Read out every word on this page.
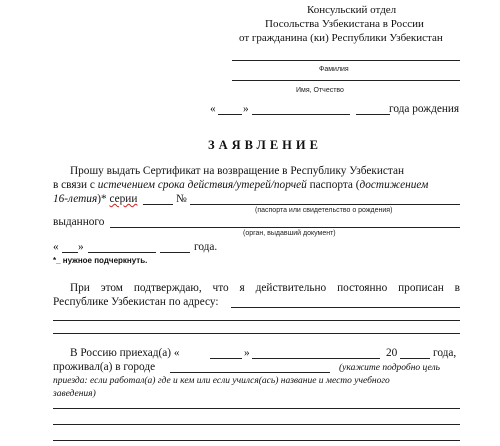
Консульский отдел
Посольства Узбекистана в России
от гражданина (ки) Республики Узбекистан
Фамилия
Имя, Отчество
« »	года рождения
ЗАЯВЛЕНИЕ
Прошу выдать Сертификат на возвращение в Республику Узбекистан
в связи с истечением срока действия/утерей/порчей паспорта (достижением
16-летия)* серии	№
(паспорта или свидетельство о рождения)
выданного
(орган, выдавший документ)
« »	года.
*_ нужное подчеркнуть.
При этом подтверждаю, что я действительно постоянно прописан в
Республике Узбекистан по адресу:
В Россию приехад(а) «	»	20	года,
проживал(а) в городе	(укажите подробно цель
приезда: если работал(а) где и кем или если учился(ась) название и место учебного
заведения)
